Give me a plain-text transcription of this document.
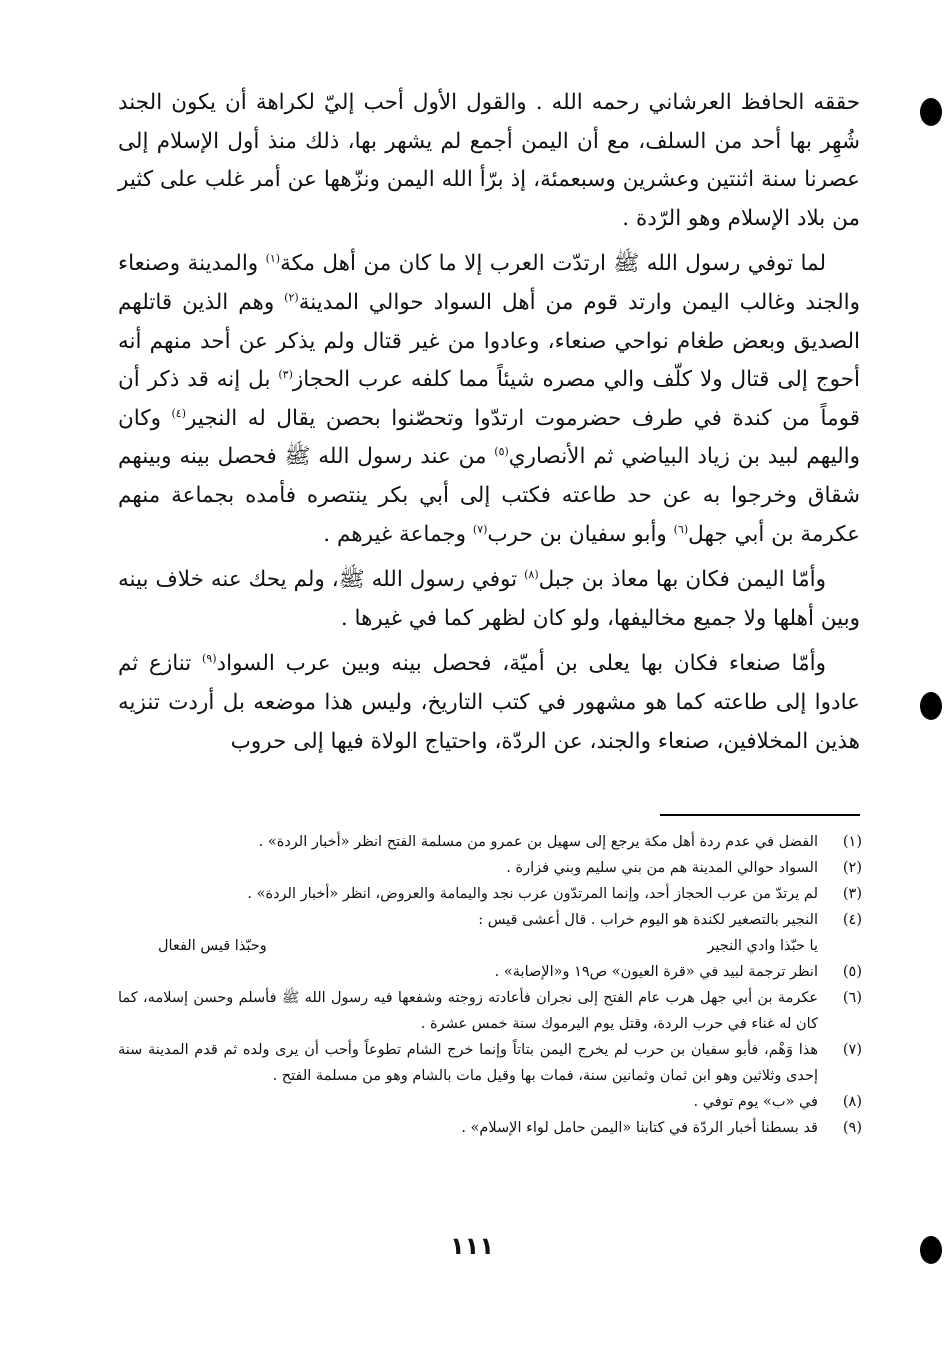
حققه الحافظ العرشاني رحمه الله . والقول الأول أحب إليّ لكراهة أن يكون الجند شُهِر بها أحد من السلف، مع أن اليمن أجمع لم يشهر بها، ذلك منذ أول الإسلام إلى عصرنا سنة اثنتين وعشرين وسبعمئة، إذ برّأ الله اليمن ونزّهها عن أمر غلب على كثير من بلاد الإسلام وهو الرّدة .

لما توفي رسول الله ﷺ ارتدّت العرب إلا ما كان من أهل مكة$^{(١)}$ والمدينة وصنعاء والجند وغالب اليمن وارتد قوم من أهل السواد حوالي المدينة$^{(٢)}$ وهم الذين قاتلهم الصديق وبعض طغام نواحي صنعاء، وعادوا من غير قتال ولم يذكر عن أحد منهم أنه أحوج إلى قتال ولا كلّف والي مصره شيئاً مما كلفه عرب الحجاز$^{(٣)}$ بل إنه قد ذكر أن قوماً من كندة في طرف حضرموت ارتدّوا وتحصّنوا بحصن يقال له النجير$^{(٤)}$ وكان واليهم لبيد بن زياد البياضي ثم الأنصاري$^{(٥)}$ من عند رسول الله ﷺ فحصل بينه وبينهم شقاق وخرجوا به عن حد طاعته فكتب إلى أبي بكر ينتصره فأمده بجماعة منهم عكرمة بن أبي جهل$^{(٦)}$ وأبو سفيان بن حرب$^{(٧)}$ وجماعة غيرهم .

وأمّا اليمن فكان بها معاذ بن جبل$^{(٨)}$ توفي رسول الله ﷺ، ولم يحك عنه خلاف بينه وبين أهلها ولا جميع مخاليفها، ولو كان لظهر كما في غيرها .

وأمّا صنعاء فكان بها يعلى بن أميّة، فحصل بينه وبين عرب السواد$^{(٩)}$ تنازع ثم عادوا إلى طاعته كما هو مشهور في كتب التاريخ، وليس هذا موضعه بل أردت تنزيه هذين المخلافين، صنعاء والجند، عن الردّة، واحتياج الولاة فيها إلى حروب

(١)
الفضل في عدم ردة أهل مكة يرجع إلى سهيل بن عمرو من مسلمة الفتح انظر «أخبار الردة» .
(٢)
السواد حوالي المدينة هم من بني سليم وبني فزارة .
(٣)
لم يرتدّ من عرب الحجاز أحد، وإنما المرتدّون عرب نجد واليمامة والعروض، انظر «أخبار الردة» .
(٤)
النجير بالتصغير لكندة هو اليوم خراب . قال أعشى قيس :
يا حبّذا وادي النجير
وحبّذا قيس الفعال
(٥)
انظر ترجمة لبيد في «قرة العيون» ص١٩ و«الإصابة» .
(٦)
عكرمة بن أبي جهل هرب عام الفتح إلى نجران فأعادته زوجته وشفعها فيه رسول الله ﷺ فأسلم وحسن إسلامه، كما كان له غناء في حرب الردة، وقتل يوم اليرموك سنة خمس عشرة .
(٧)
هذا وَهْم، فأبو سفيان بن حرب لم يخرج اليمن بتاتاً وإنما خرج الشام تطوعاً وأحب أن يرى ولده ثم قدم المدينة سنة إحدى وثلاثين وهو ابن ثمان وثمانين سنة، فمات بها وقيل مات بالشام وهو من مسلمة الفتح .
(٨)
في «ب» يوم توفي .
(٩)
قد بسطنا أخبار الردّة في كتابنا «اليمن حامل لواء الإسلام» .
١١١
